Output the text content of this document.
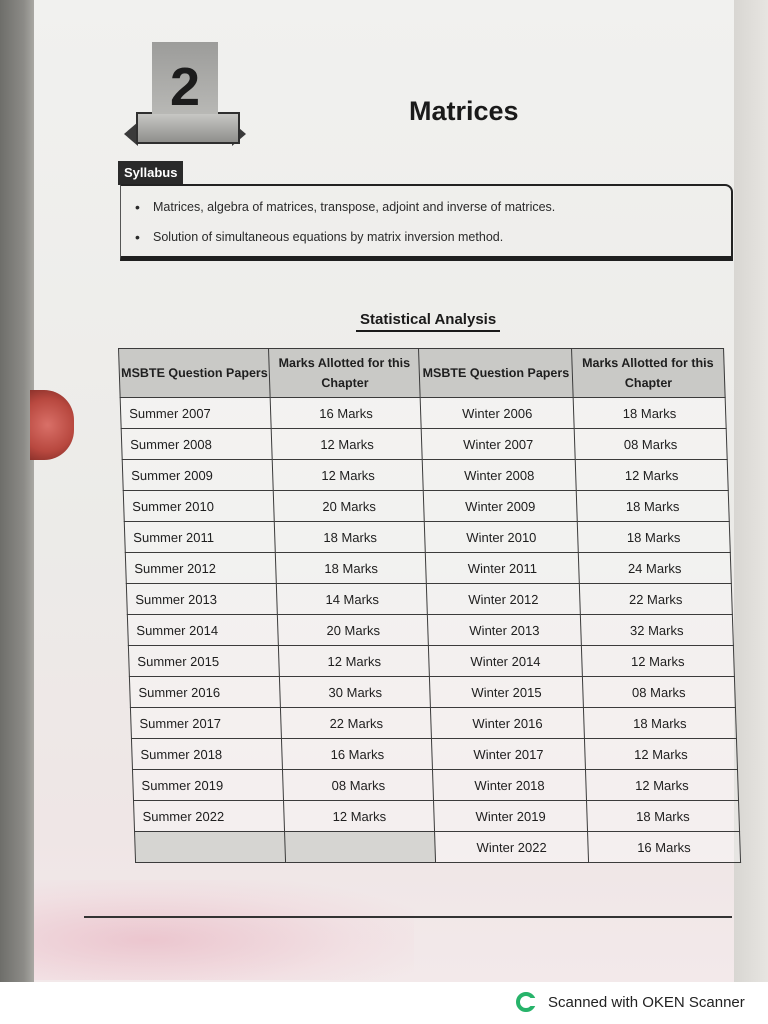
2	Matrices
Syllabus
• Matrices, algebra of matrices, transpose, adjoint and inverse of matrices.
• Solution of simultaneous equations by matrix inversion method.
Statistical Analysis
MSBTE Question Papers	Marks Allotted for this Chapter	MSBTE Question Papers	Marks Allotted for this Chapter
Summer 2007	16 Marks	Winter 2006	18 Marks
Summer 2008	12 Marks	Winter 2007	08 Marks
Summer 2009	12 Marks	Winter 2008	12 Marks
Summer 2010	20 Marks	Winter 2009	18 Marks
Summer 2011	18 Marks	Winter 2010	18 Marks
Summer 2012	18 Marks	Winter 2011	24 Marks
Summer 2013	14 Marks	Winter 2012	22 Marks
Summer 2014	20 Marks	Winter 2013	32 Marks
Summer 2015	12 Marks	Winter 2014	12 Marks
Summer 2016	30 Marks	Winter 2015	08 Marks
Summer 2017	22 Marks	Winter 2016	18 Marks
Summer 2018	16 Marks	Winter 2017	12 Marks
Summer 2019	08 Marks	Winter 2018	12 Marks
Summer 2022	12 Marks	Winter 2019	18 Marks
		Winter 2022	16 Marks
Scanned with OKEN Scanner
